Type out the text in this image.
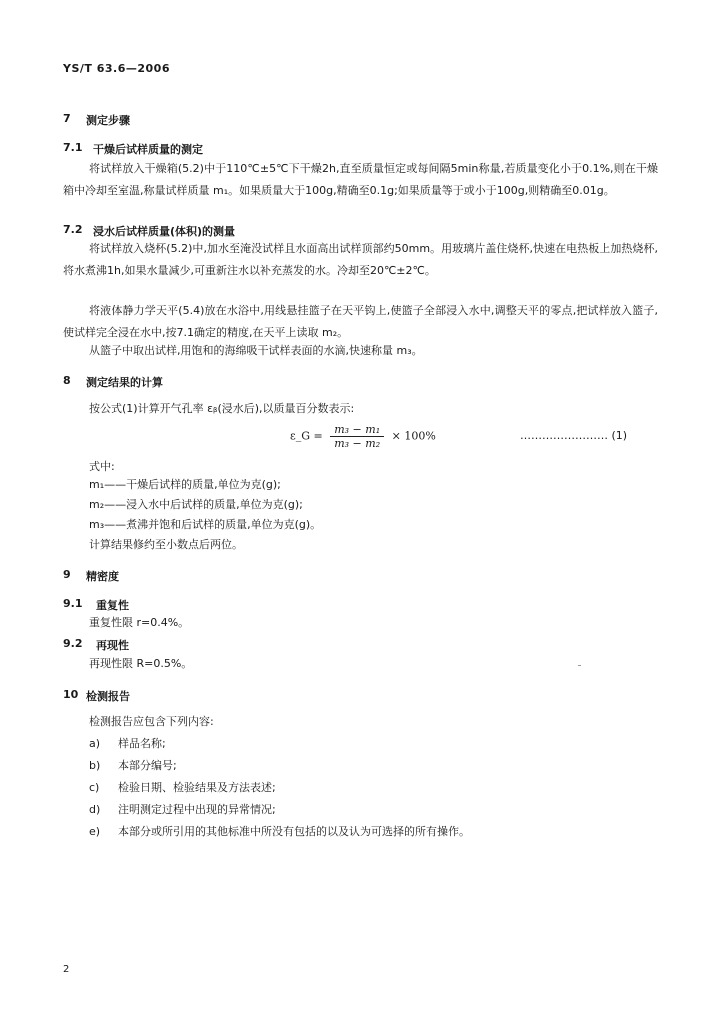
YS/T 63.6—2006
7 测定步骤
7.1 干燥后试样质量的测定
将试样放入干燥箱(5.2)中于110℃±5℃下干燥2h,直至质量恒定或每间隔5min称量,若质量变化小于0.1%,则在干燥箱中冷却至室温,称量试样质量 m₁。如果质量大于100g,精确至0.1g;如果质量等于或小于100g,则精确至0.01g。
7.2 浸水后试样质量(体积)的测量
将试样放入烧杯(5.2)中,加水至淹没试样且水面高出试样顶部约50mm。用玻璃片盖住烧杯,快速在电热板上加热烧杯,将水煮沸1h,如果水量减少,可重新注水以补充蒸发的水。冷却至20℃±2℃。
将液体静力学天平(5.4)放在水浴中,用线悬挂篮子在天平钩上,使篮子全部浸入水中,调整天平的零点,把试样放入篮子,使试样完全浸在水中,按7.1确定的精度,在天平上读取 m₂。
从篮子中取出试样,用饱和的海绵吸干试样表面的水滴,快速称量 m₃。
8 测定结果的计算
按公式(1)计算开气孔率 εᵦ(浸水后),以质量百分数表示:
ε_G = $\frac{\text{m₃ − m₁}}{\text{m₃ − m₂}} \times 100\%$	…………………… (1)
式中:
m₁——干燥后试样的质量,单位为克(g);
m₂——浸入水中后试样的质量,单位为克(g);
m₃——煮沸并饱和后试样的质量,单位为克(g)。
计算结果修约至小数点后两位。
9 精密度
9.1 重复性
重复性限 r=0.4%。
9.2 再现性
再现性限 R=0.5%。
10 检测报告
检测报告应包含下列内容:
a) 样品名称;
b) 本部分编号;
c) 检验日期、检验结果及方法表述;
d) 注明测定过程中出现的异常情况;
e) 本部分或所引用的其他标准中所没有包括的以及认为可选择的所有操作。
2
